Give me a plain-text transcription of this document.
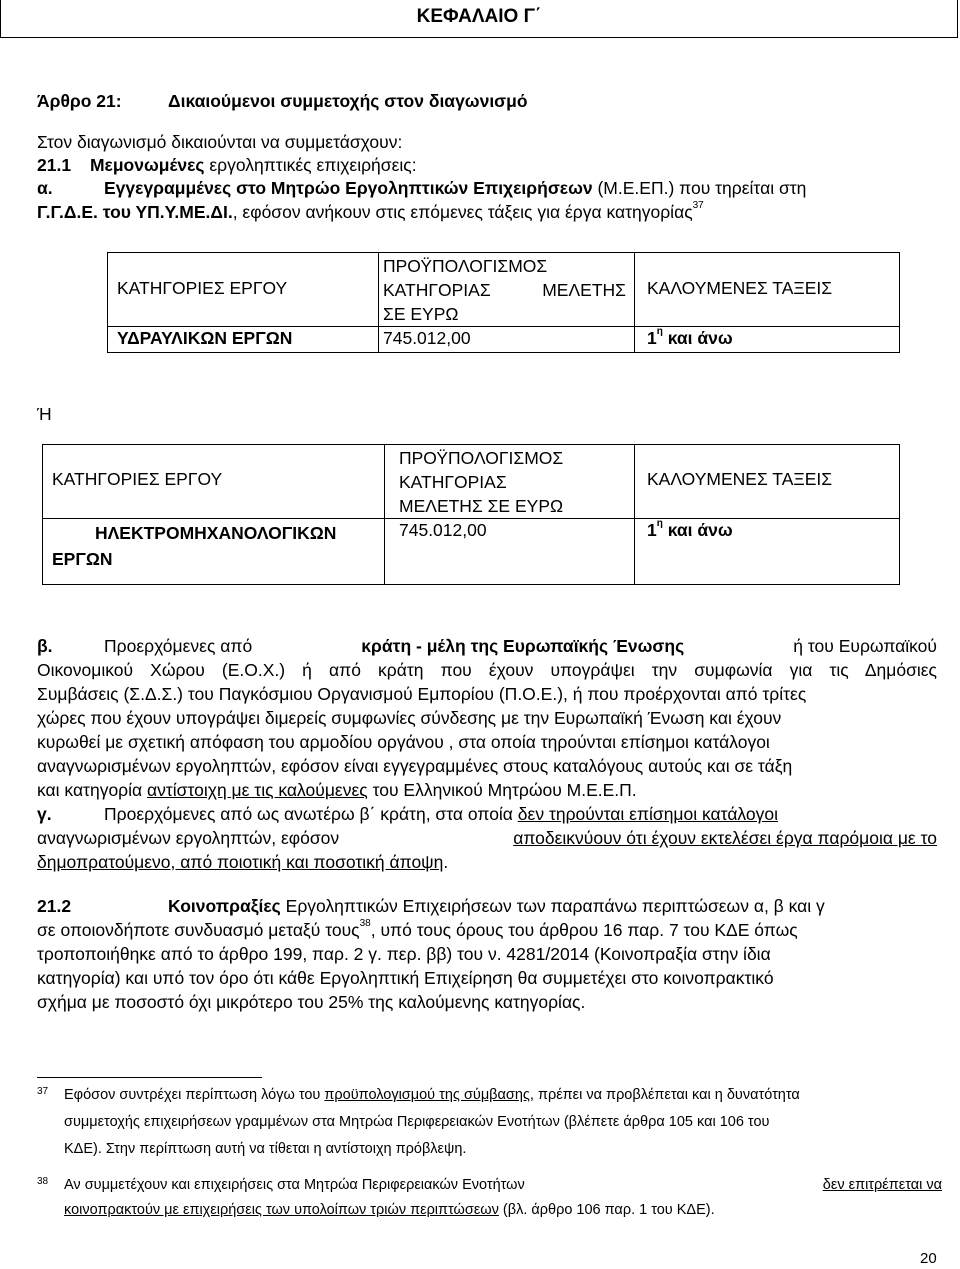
ΚΕΦΑΛΑΙΟ Γ΄
Άρθρο 21:	Δικαιούμενοι συμμετοχής στον διαγωνισμό
Στον διαγωνισμό δικαιούνται να συμμετάσχουν:
21.1 Μεμονωμένες εργοληπτικές επιχειρήσεις:
α.	Εγγεγραμμένες στο Μητρώο Εργοληπτικών Επιχειρήσεων (Μ.Ε.ΕΠ.) που τηρείται στη
Γ.Γ.Δ.Ε. του ΥΠ.Υ.ΜΕ.ΔΙ., εφόσον ανήκουν στις επόμενες τάξεις για έργα κατηγορίας$^{37}$
ΚΑΤΗΓΟΡΙΕΣ ΕΡΓΟΥ	ΠΡΟΫΠΟΛΟΓΙΣΜΟΣ
ΚΑΤΗΓΟΡΙΑΣ ΜΕΛΕΤΗΣ
ΣΕ ΕΥΡΩ	ΚΑΛΟΥΜΕΝΕΣ ΤΑΞΕΙΣ

ΥΔΡΑΥΛΙΚΩΝ ΕΡΓΩΝ	745.012,00	$1^\eta$ και άνω
Ή
ΚΑΤΗΓΟΡΙΕΣ ΕΡΓΟΥ	ΠΡΟΫΠΟΛΟΓΙΣΜΟΣ
ΚΑΤΗΓΟΡΙΑΣ
ΜΕΛΕΤΗΣ ΣΕ ΕΥΡΩ	ΚΑΛΟΥΜΕΝΕΣ ΤΑΞΕΙΣ

ΗΛΕΚΤΡΟΜΗΧΑΝΟΛΟΓΙΚΩΝ
ΕΡΓΩΝ	745.012,00	$1^\eta$ και άνω
β.	Προερχόμενες από	κράτη - μέλη της Ευρωπαϊκής Ένωσης	ή του Ευρωπαϊκού
Οικονομικού Χώρου (Ε.Ο.Χ.) ή από κράτη που έχουν υπογράψει την συμφωνία για τις Δημόσιες
Συμβάσεις (Σ.Δ.Σ.) του Παγκόσμιου Οργανισμού Εμπορίου (Π.Ο.Ε.), ή που προέρχονται από τρίτες
χώρες που έχουν υπογράψει διμερείς συμφωνίες σύνδεσης με την Ευρωπαϊκή Ένωση και έχουν
κυρωθεί με σχετική απόφαση του αρμοδίου οργάνου , στα οποία τηρούνται επίσημοι κατάλογοι
αναγνωρισμένων εργοληπτών, εφόσον είναι εγγεγραμμένες στους καταλόγους αυτούς και σε τάξη
και κατηγορία αντίστοιχη με τις καλούμενες του Ελληνικού Μητρώου Μ.Ε.Ε.Π.
γ.	Προερχόμενες από ως ανωτέρω β΄ κράτη, στα οποία δεν τηρούνται επίσημοι κατάλογοι
αναγνωρισμένων εργοληπτών, εφόσον	αποδεικνύουν ότι έχουν εκτελέσει έργα παρόμοια με το
δημοπρατούμενο, από ποιοτική και ποσοτική άποψη.
21.2	Κοινοπραξίες Εργοληπτικών Επιχειρήσεων των παραπάνω περιπτώσεων α, β και γ
σε οποιονδήποτε συνδυασμό μεταξύ τους$^{38}$, υπό τους όρους του άρθρου 16 παρ. 7 του ΚΔΕ όπως
τροποποιήθηκε από το άρθρο 199, παρ. 2 γ. περ. ββ) του ν. 4281/2014 (Κοινοπραξία στην ίδια
κατηγορία) και υπό τον όρο ότι κάθε Εργοληπτική Επιχείρηση θα συμμετέχει στο κοινοπρακτικό
σχήμα με ποσοστό όχι μικρότερο του 25% της καλούμενης κατηγορίας.
37 Εφόσον συντρέχει περίπτωση λόγω του προϋπολογισμού της σύμβασης, πρέπει να προβλέπεται και η δυνατότητα
συμμετοχής επιχειρήσεων γραμμένων στα Μητρώα Περιφερειακών Ενοτήτων (βλέπετε άρθρα 105 και 106 του
ΚΔΕ). Στην περίπτωση αυτή να τίθεται η αντίστοιχη πρόβλεψη.
38 Αν συμμετέχουν και επιχειρήσεις στα Μητρώα Περιφερειακών Ενοτήτων	δεν επιτρέπεται να
κοινοπρακτούν με επιχειρήσεις των υπολοίπων τριών περιπτώσεων (βλ. άρθρο 106 παρ. 1 του ΚΔΕ).
20
